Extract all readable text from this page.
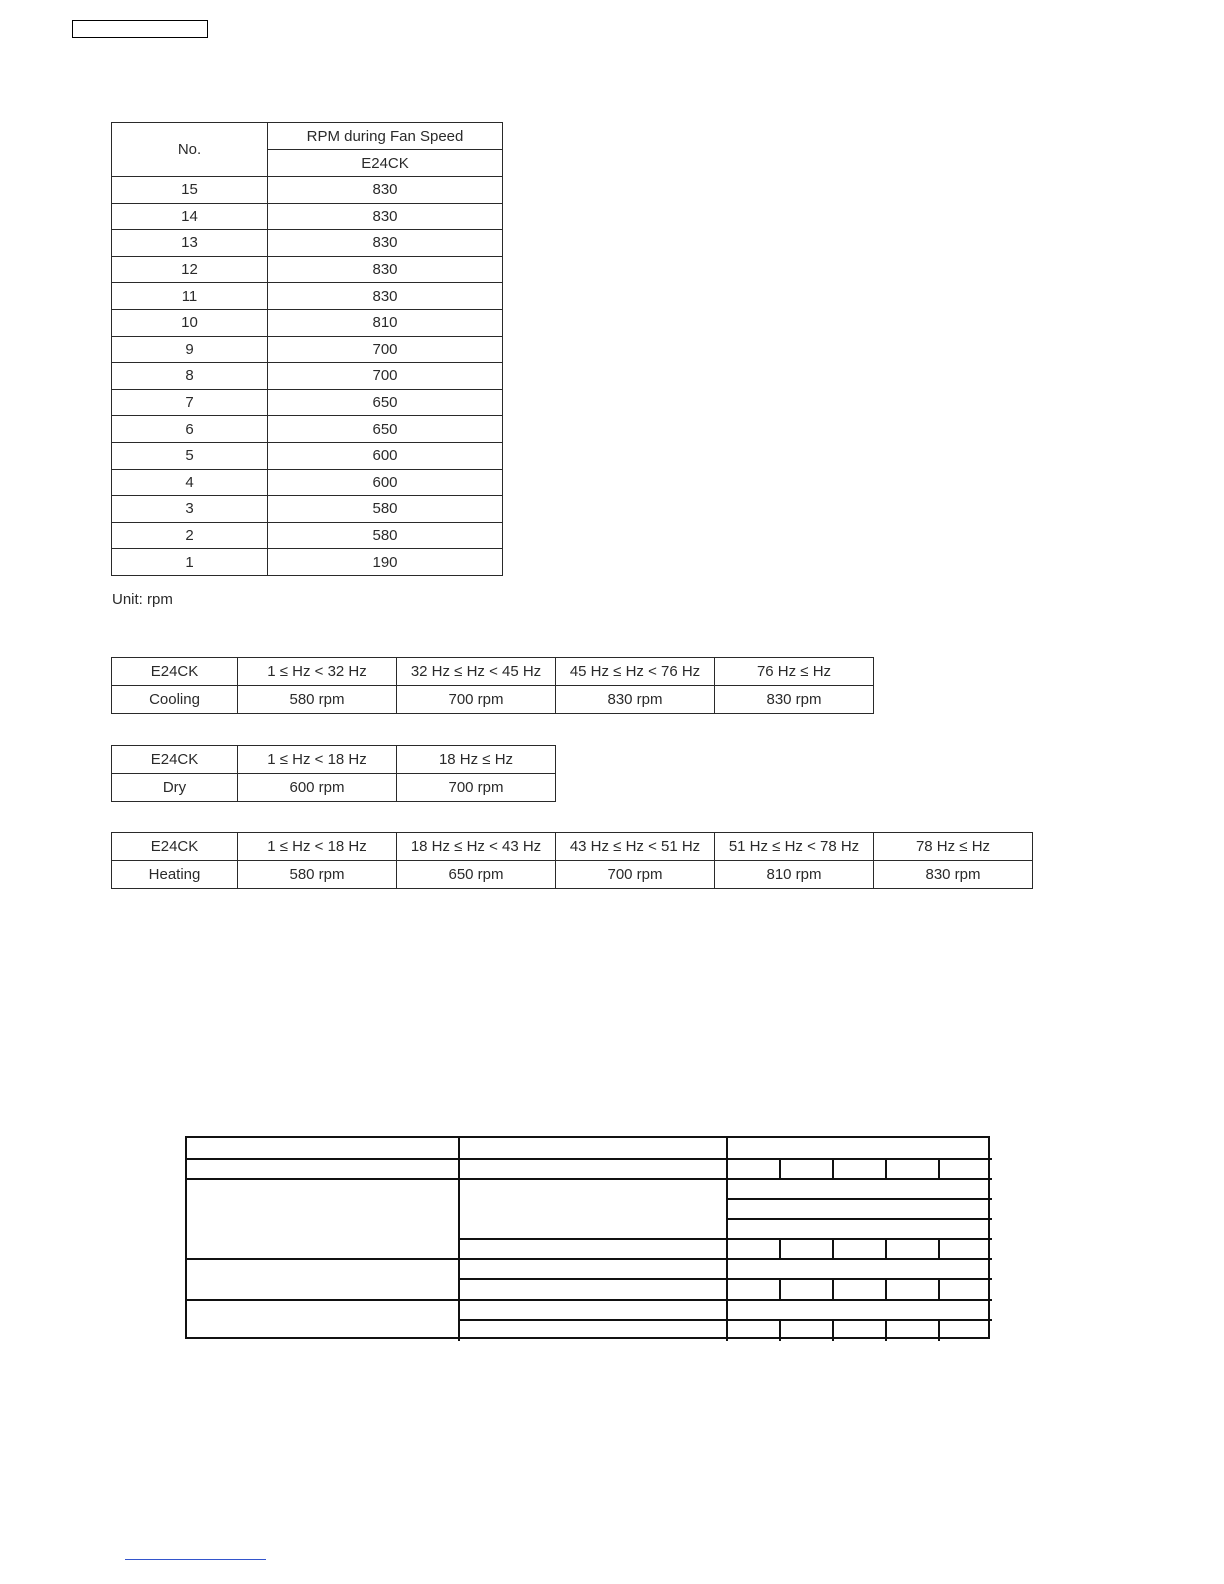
No.	RPM during Fan Speed
	E24CK
15	830
14	830
13	830
12	830
11	830
10	810
9	700
8	700
7	650
6	650
5	600
4	600
3	580
2	580
1	190
Unit: rpm
E24CK	1 ≤ Hz < 32 Hz	32 Hz ≤ Hz < 45 Hz	45 Hz ≤ Hz < 76 Hz	76 Hz ≤ Hz
Cooling	580 rpm	700 rpm	830 rpm	830 rpm
E24CK	1 ≤ Hz < 18 Hz	18 Hz ≤ Hz
Dry	600 rpm	700 rpm
E24CK	1 ≤ Hz < 18 Hz	18 Hz ≤ Hz < 43 Hz	43 Hz ≤ Hz < 51 Hz	51 Hz ≤ Hz < 78 Hz	78 Hz ≤ Hz
Heating	580 rpm	650 rpm	700 rpm	810 rpm	830 rpm
